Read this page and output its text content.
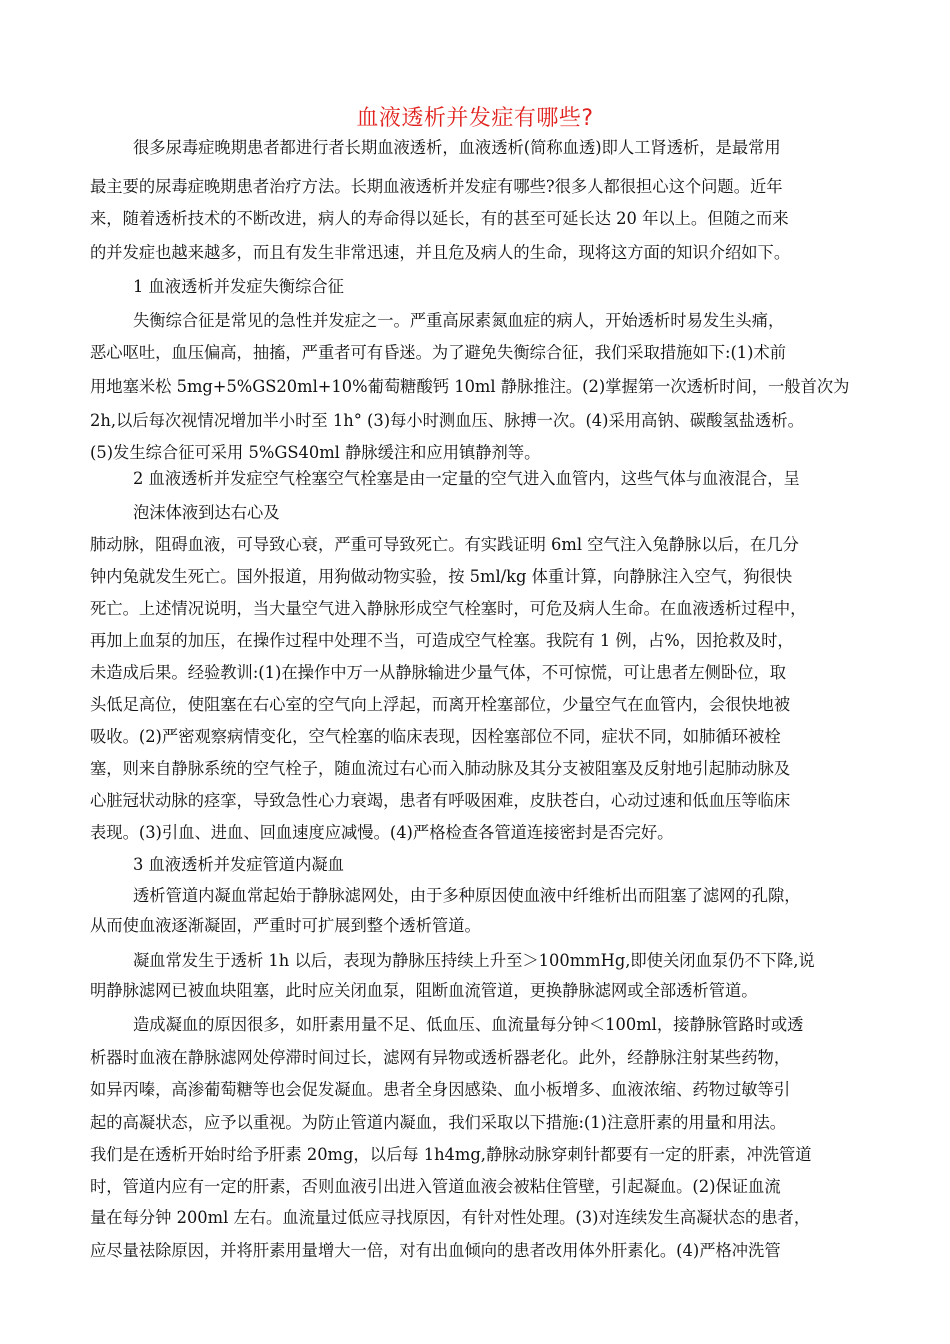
血液透析并发症有哪些?
很多尿毒症晚期患者都进行者长期血液透析，血液透析(简称血透)即人工肾透析，是最常用
最主要的尿毒症晚期患者治疗方法。长期血液透析并发症有哪些?很多人都很担心这个问题。近年
来，随着透析技术的不断改进，病人的寿命得以延长，有的甚至可延长达 20 年以上。但随之而来
的并发症也越来越多，而且有发生非常迅速，并且危及病人的生命，现将这方面的知识介绍如下。
1 血液透析并发症失衡综合征
失衡综合征是常见的急性并发症之一。严重高尿素氮血症的病人，开始透析时易发生头痛，
恶心呕吐，血压偏高，抽搐，严重者可有昏迷。为了避免失衡综合征，我们采取措施如下:(1)术前
用地塞米松 5mg+5%GS20ml+10%葡萄糖酸钙 10ml 静脉推注。(2)掌握第一次透析时间，一般首次为
2h,以后每次视情况增加半小时至 1h° (3)每小时测血压、脉搏一次。(4)采用高钠、碳酸氢盐透析。
(5)发生综合征可采用 5%GS40ml 静脉缓注和应用镇静剂等。
2 血液透析并发症空气栓塞空气栓塞是由一定量的空气进入血管内，这些气体与血液混合，呈
泡沫体液到达右心及
肺动脉，阻碍血液，可导致心衰，严重可导致死亡。有实践证明 6ml 空气注入兔静脉以后，在几分
钟内兔就发生死亡。国外报道，用狗做动物实验，按 5ml/kg 体重计算，向静脉注入空气，狗很快
死亡。上述情况说明，当大量空气进入静脉形成空气栓塞时，可危及病人生命。在血液透析过程中，
再加上血泵的加压，在操作过程中处理不当，可造成空气栓塞。我院有 1 例，占%，因抢救及时，
未造成后果。经验教训:(1)在操作中万一从静脉输进少量气体，不可惊慌，可让患者左侧卧位，取
头低足高位，使阻塞在右心室的空气向上浮起，而离开栓塞部位，少量空气在血管内，会很快地被
吸收。(2)严密观察病情变化，空气栓塞的临床表现，因栓塞部位不同，症状不同，如肺循环被栓
塞，则来自静脉系统的空气栓子，随血流过右心而入肺动脉及其分支被阻塞及反射地引起肺动脉及
心脏冠状动脉的痉挛，导致急性心力衰竭，患者有呼吸困难，皮肤苍白，心动过速和低血压等临床
表现。(3)引血、进血、回血速度应减慢。(4)严格检查各管道连接密封是否完好。
3 血液透析并发症管道内凝血
透析管道内凝血常起始于静脉滤网处，由于多种原因使血液中纤维析出而阻塞了滤网的孔隙，
从而使血液逐渐凝固，严重时可扩展到整个透析管道。
凝血常发生于透析 1h 以后，表现为静脉压持续上升至＞100mmHg,即使关闭血泵仍不下降,说
明静脉滤网已被血块阻塞，此时应关闭血泵，阻断血流管道，更换静脉滤网或全部透析管道。
造成凝血的原因很多，如肝素用量不足、低血压、血流量每分钟＜100ml，接静脉管路时或透
析器时血液在静脉滤网处停滞时间过长，滤网有异物或透析器老化。此外，经静脉注射某些药物，
如异丙嗪，高渗葡萄糖等也会促发凝血。患者全身因感染、血小板增多、血液浓缩、药物过敏等引
起的高凝状态，应予以重视。为防止管道内凝血，我们采取以下措施:(1)注意肝素的用量和用法。
我们是在透析开始时给予肝素 20mg，以后每 1h4mg,静脉动脉穿刺针都要有一定的肝素，冲洗管道
时，管道内应有一定的肝素，否则血液引出进入管道血液会被粘住管壁，引起凝血。(2)保证血流
量在每分钟 200ml 左右。血流量过低应寻找原因，有针对性处理。(3)对连续发生高凝状态的患者，
应尽量祛除原因，并将肝素用量增大一倍，对有出血倾向的患者改用体外肝素化。(4)严格冲洗管
